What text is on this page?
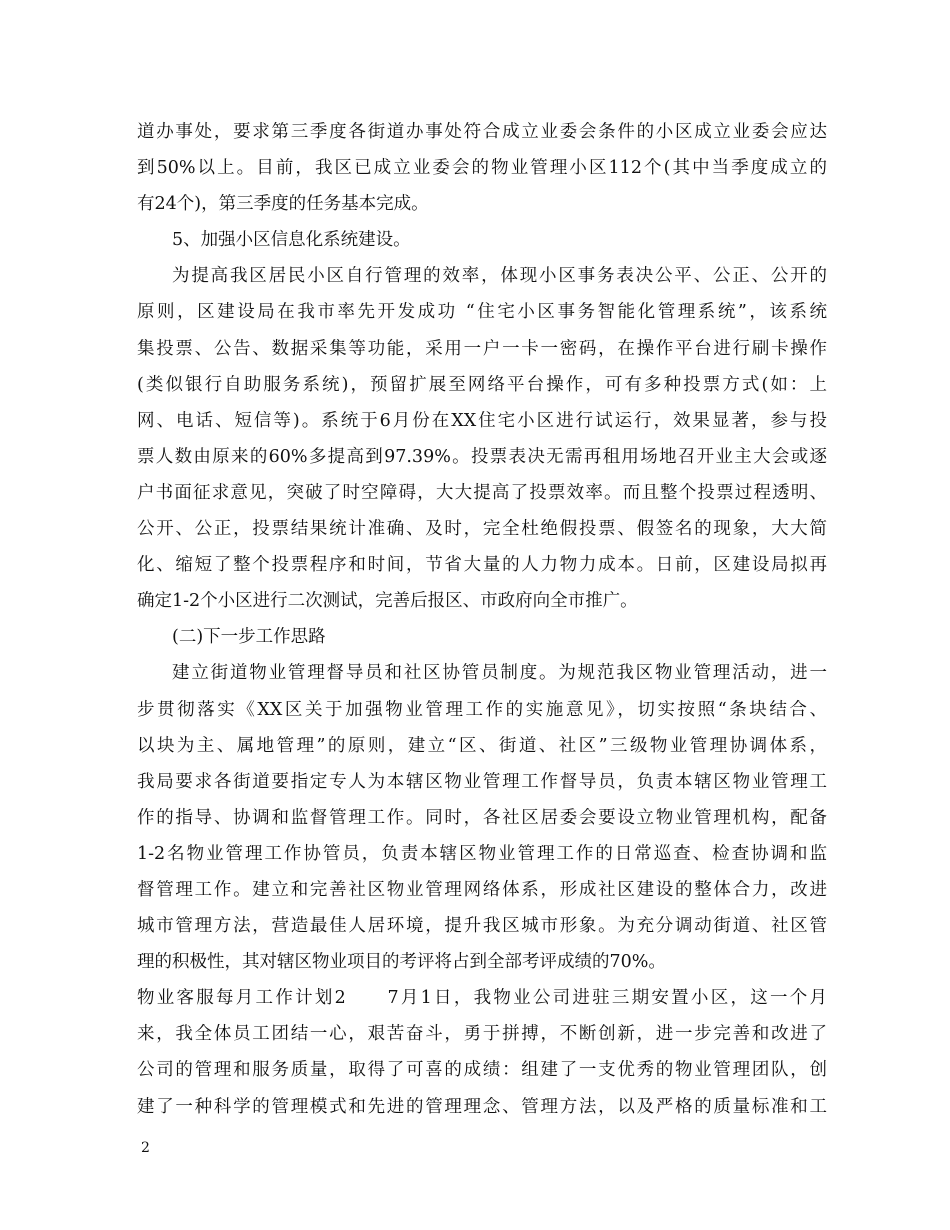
道办事处，要求第三季度各街道办事处符合成立业委会条件的小区成立业委会应达
到50%以上。目前，我区已成立业委会的物业管理小区112个(其中当季度成立的
有24个)，第三季度的任务基本完成。
5、加强小区信息化系统建设。
为提高我区居民小区自行管理的效率，体现小区事务表决公平、公正、公开的
原则，区建设局在我市率先开发成功 “住宅小区事务智能化管理系统”，该系统
集投票、公告、数据采集等功能，采用一户一卡一密码，在操作平台进行刷卡操作
(类似银行自助服务系统)，预留扩展至网络平台操作，可有多种投票方式(如：上
网、电话、短信等)。系统于6月份在XX住宅小区进行试运行，效果显著，参与投
票人数由原来的60%多提高到97.39%。投票表决无需再租用场地召开业主大会或逐
户书面征求意见，突破了时空障碍，大大提高了投票效率。而且整个投票过程透明、
公开、公正，投票结果统计准确、及时，完全杜绝假投票、假签名的现象，大大简
化、缩短了整个投票程序和时间，节省大量的人力物力成本。日前，区建设局拟再
确定1-2个小区进行二次测试，完善后报区、市政府向全市推广。
(二)下一步工作思路
建立街道物业管理督导员和社区协管员制度。为规范我区物业管理活动，进一
步贯彻落实《XX区关于加强物业管理工作的实施意见》，切实按照“条块结合、
以块为主、属地管理”的原则，建立“区、街道、社区”三级物业管理协调体系，
我局要求各街道要指定专人为本辖区物业管理工作督导员，负责本辖区物业管理工
作的指导、协调和监督管理工作。同时，各社区居委会要设立物业管理机构，配备
1-2名物业管理工作协管员，负责本辖区物业管理工作的日常巡查、检查协调和监
督管理工作。建立和完善社区物业管理网络体系，形成社区建设的整体合力，改进
城市管理方法，营造最佳人居环境，提升我区城市形象。为充分调动街道、社区管
理的积极性，其对辖区物业项目的考评将占到全部考评成绩的70%。
物业客服每月工作计划2　　7月1日，我物业公司进驻三期安置小区，这一个月
来，我全体员工团结一心，艰苦奋斗，勇于拼搏，不断创新，进一步完善和改进了
公司的管理和服务质量，取得了可喜的成绩：组建了一支优秀的物业管理团队，创
建了一种科学的管理模式和先进的管理理念、管理方法，以及严格的质量标准和工
2
